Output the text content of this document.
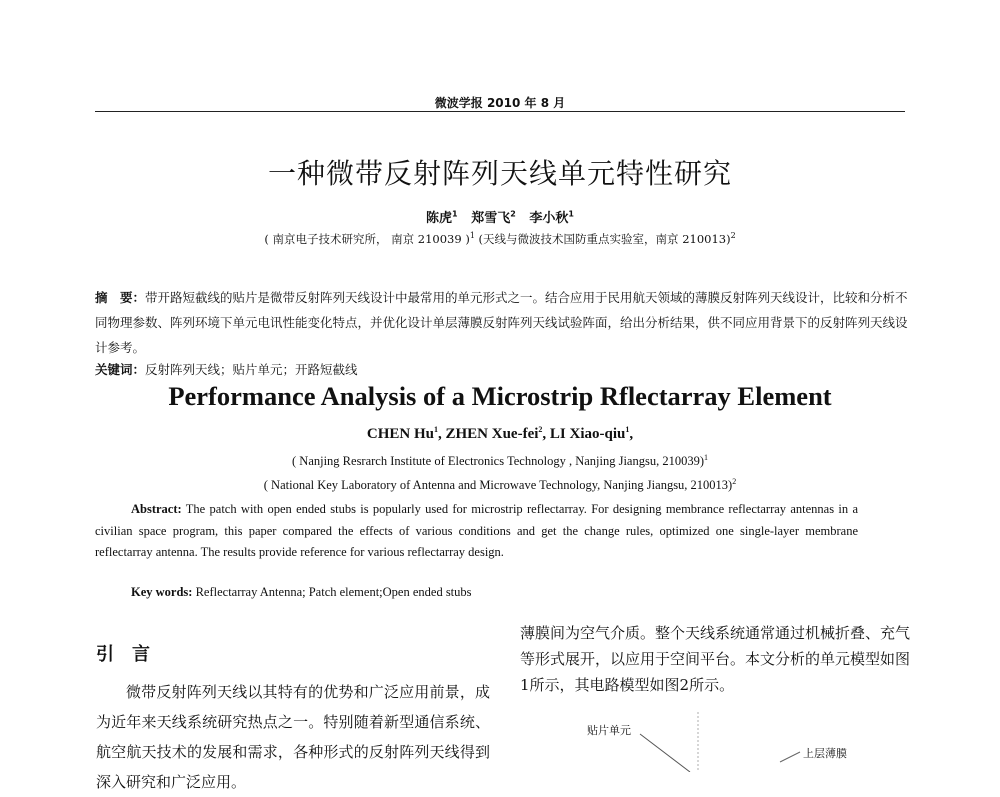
微波学报 2010 年 8 月
一种微带反射阵列天线单元特性研究
陈虎$^1$ 郑雪飞$^2$ 李小秋$^1$
( 南京电子技术研究所， 南京 210039 )$^1$ (天线与微波技术国防重点实验室，南京 210013)$^2$
摘　要：带开路短截线的贴片是微带反射阵列天线设计中最常用的单元形式之一。结合应用于民用航天领域的薄膜反射阵列天线设计，比较和分析不同物理参数、阵列环境下单元电讯性能变化特点，并优化设计单层薄膜反射阵列天线试验阵面，给出分析结果，供不同应用背景下的反射阵列天线设计参考。
关键词：反射阵列天线；贴片单元；开路短截线
Performance Analysis of a Microstrip Rflectarray Element
CHEN Hu$^1$, ZHEN Xue-fei$^2$, LI Xiao-qiu$^1$,
( Nanjing Resrarch Institute of Electronics Technology , Nanjing Jiangsu, 210039)$^1$
( National Key Laboratory of Antenna and Microwave Technology, Nanjing Jiangsu, 210013)$^2$
Abstract: The patch with open ended stubs is popularly used for microstrip reflectarray. For designing membrance reflectarray antennas in a civilian space program, this paper compared the effects of various conditions and get the change rules, optimized one single-layer membrane reflectarray antenna. The results provide reference for various reflectarray design.
Key words: Reflectarray Antenna; Patch element;Open ended stubs
引言
微带反射阵列天线以其特有的优势和广泛应用前景，成为近年来天线系统研究热点之一。特别随着新型通信系统、航空航天技术的发展和需求，各种形式的反射阵列天线得到深入研究和广泛应用。
薄膜间为空气介质。整个天线系统通常通过机械折叠、充气等形式展开，以应用于空间平台。本文分析的单元模型如图1所示，其电路模型如图2所示。
贴片单元
上层薄膜
